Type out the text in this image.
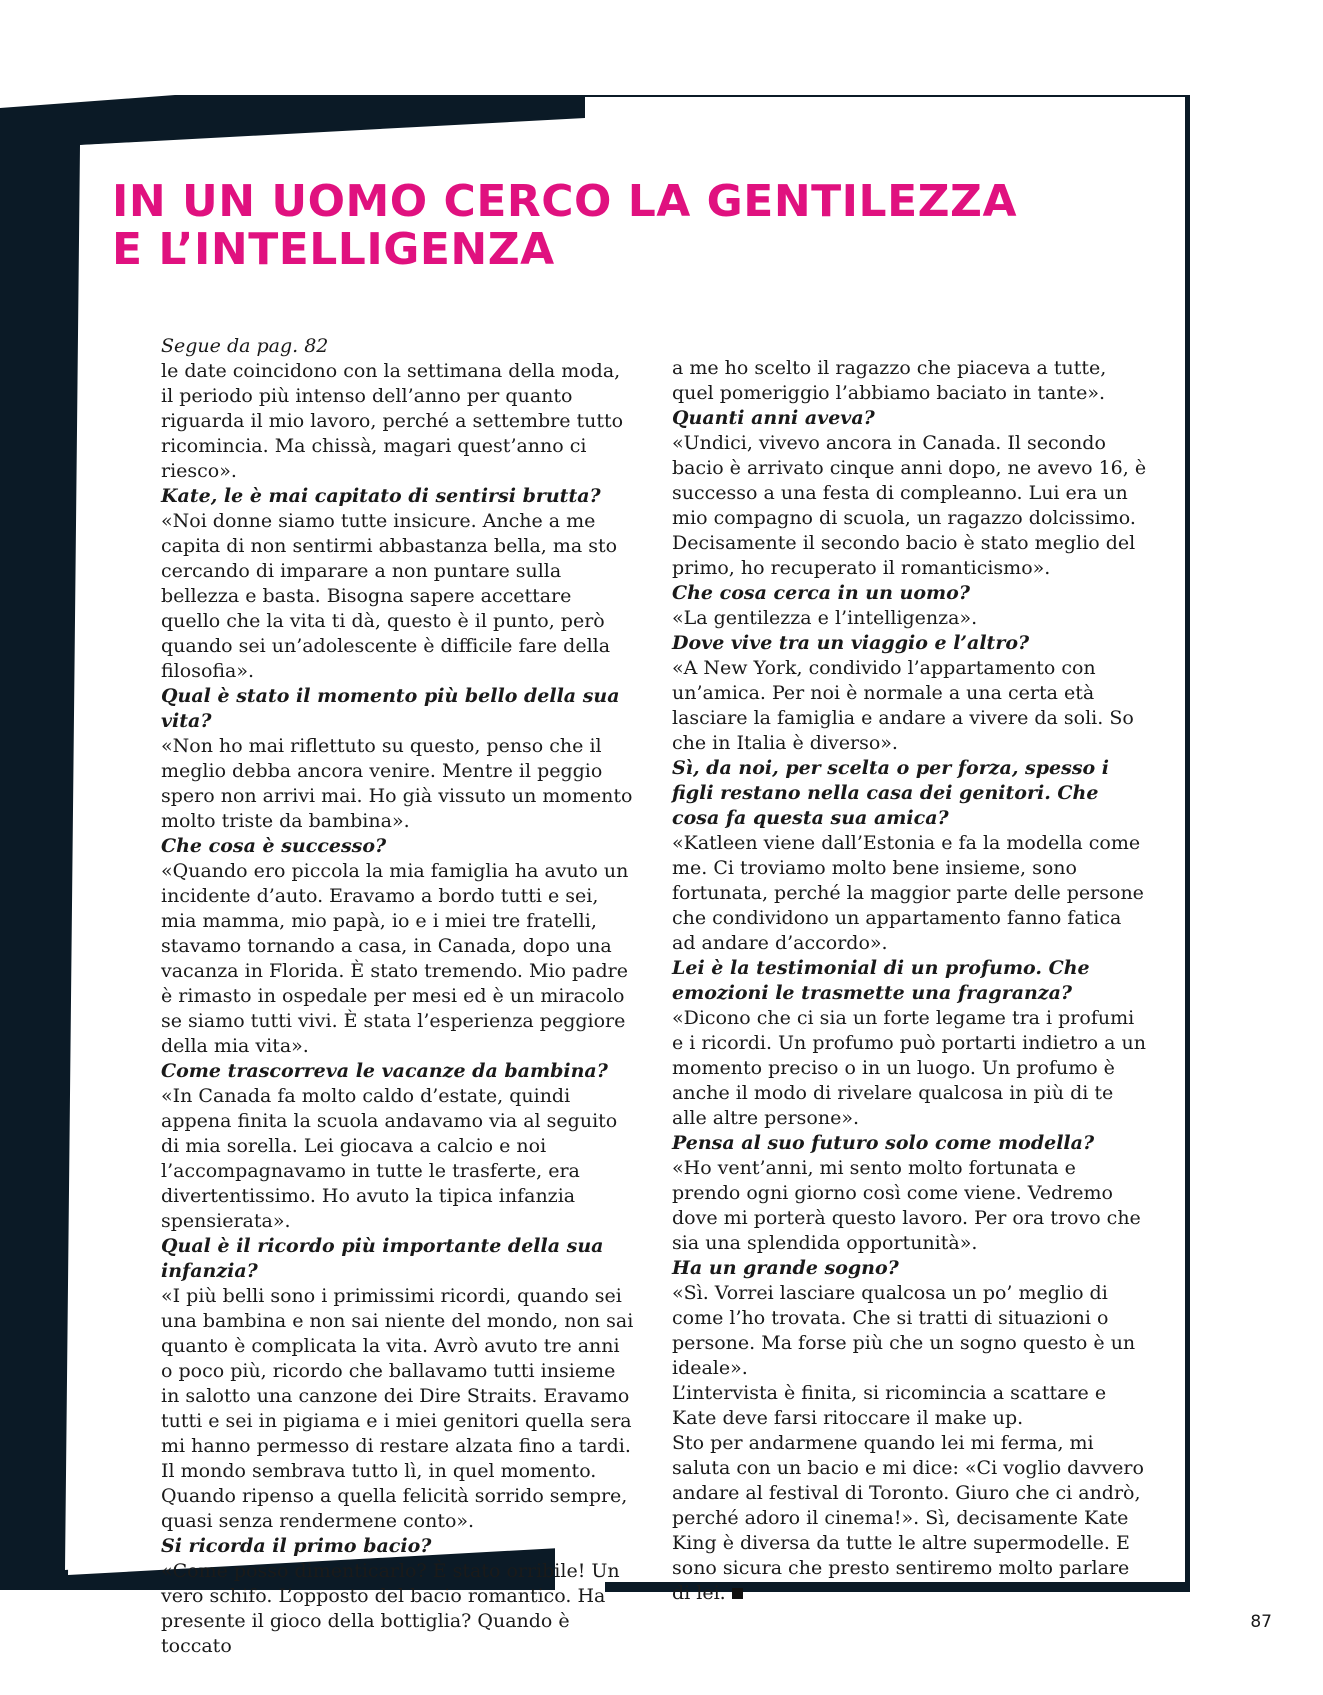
IN UN UOMO CERCO LA GENTILEZZA
E L’INTELLIGENZA

Segue da pag. 82

le date coincidono con la settimana della moda, il periodo più intenso dell’anno per quanto riguarda il mio lavoro, perché a settembre tutto ricomincia. Ma chissà, magari quest’anno ci riesco».

Kate, le è mai capitato di sentirsi brutta?

«Noi donne siamo tutte insicure. Anche a me capita di non sentirmi abbastanza bella, ma sto cercando di imparare a non puntare sulla bellezza e basta. Bisogna sapere accettare quello che la vita ti dà, questo è il punto, però quando sei un’adolescente è difficile fare della filosofia».

Qual è stato il momento più bello della sua vita?

«Non ho mai riflettuto su questo, penso che il meglio debba ancora venire. Mentre il peggio spero non arrivi mai. Ho già vissuto un momento molto triste da bambina».

Che cosa è successo?

«Quando ero piccola la mia famiglia ha avuto un incidente d’auto. Eravamo a bordo tutti e sei, mia mamma, mio papà, io e i miei tre fratelli, stavamo tornando a casa, in Canada, dopo una vacanza in Florida. È stato tremendo. Mio padre è rimasto in ospedale per mesi ed è un miracolo se siamo tutti vivi. È stata l’esperienza peggiore della mia vita».

Come trascorreva le vacanze da bambina?

«In Canada fa molto caldo d’estate, quindi appena finita la scuola andavamo via al seguito di mia sorella. Lei giocava a calcio e noi l’accompagnavamo in tutte le trasferte, era divertentissimo. Ho avuto la tipica infanzia spensierata».

Qual è il ricordo più importante della sua infanzia?

«I più belli sono i primissimi ricordi, quando sei una bambina e non sai niente del mondo, non sai quanto è complicata la vita. Avrò avuto tre anni o poco più, ricordo che ballavamo tutti insieme in salotto una canzone dei Dire Straits. Eravamo tutti e sei in pigiama e i miei genitori quella sera mi hanno permesso di restare alzata fino a tardi. Il mondo sembrava tutto lì, in quel momento. Quando ripenso a quella felicità sorrido sempre, quasi senza rendermene conto».

Si ricorda il primo bacio?

«Come posso dimenticarlo? È stato orribile! Un vero schifo. L’opposto del bacio romantico. Ha presente il gioco della bottiglia? Quando è toccato

a me ho scelto il ragazzo che piaceva a tutte, quel pomeriggio l’abbiamo baciato in tante».

Quanti anni aveva?

«Undici, vivevo ancora in Canada. Il secondo bacio è arrivato cinque anni dopo, ne avevo 16, è successo a una festa di compleanno. Lui era un mio compagno di scuola, un ragazzo dolcissimo. Decisamente il secondo bacio è stato meglio del primo, ho recuperato il romanticismo».

Che cosa cerca in un uomo?

«La gentilezza e l’intelligenza».

Dove vive tra un viaggio e l’altro?

«A New York, condivido l’appartamento con un’amica. Per noi è normale a una certa età lasciare la famiglia e andare a vivere da soli. So che in Italia è diverso».

Sì, da noi, per scelta o per forza, spesso i figli restano nella casa dei genitori. Che cosa fa questa sua amica?

«Katleen viene dall’Estonia e fa la modella come me. Ci troviamo molto bene insieme, sono fortunata, perché la maggior parte delle persone che condividono un appartamento fanno fatica ad andare d’accordo».

Lei è la testimonial di un profumo. Che emozioni le trasmette una fragranza?

«Dicono che ci sia un forte legame tra i profumi e i ricordi. Un profumo può portarti indietro a un momento preciso o in un luogo. Un profumo è anche il modo di rivelare qualcosa in più di te alle altre persone».

Pensa al suo futuro solo come modella?

«Ho vent’anni, mi sento molto fortunata e prendo ogni giorno così come viene. Vedremo dove mi porterà questo lavoro. Per ora trovo che sia una splendida opportunità».

Ha un grande sogno?

«Sì. Vorrei lasciare qualcosa un po’ meglio di come l’ho trovata. Che si tratti di situazioni o persone. Ma forse più che un sogno questo è un ideale».

L’intervista è finita, si ricomincia a scattare e Kate deve farsi ritoccare il make up.

Sto per andarmene quando lei mi ferma, mi saluta con un bacio e mi dice: «Ci voglio davvero andare al festival di Toronto. Giuro che ci andrò, perché adoro il cinema!». Sì, decisamente Kate King è diversa da tutte le altre supermodelle. E sono sicura che presto sentiremo molto parlare di lei.

87
